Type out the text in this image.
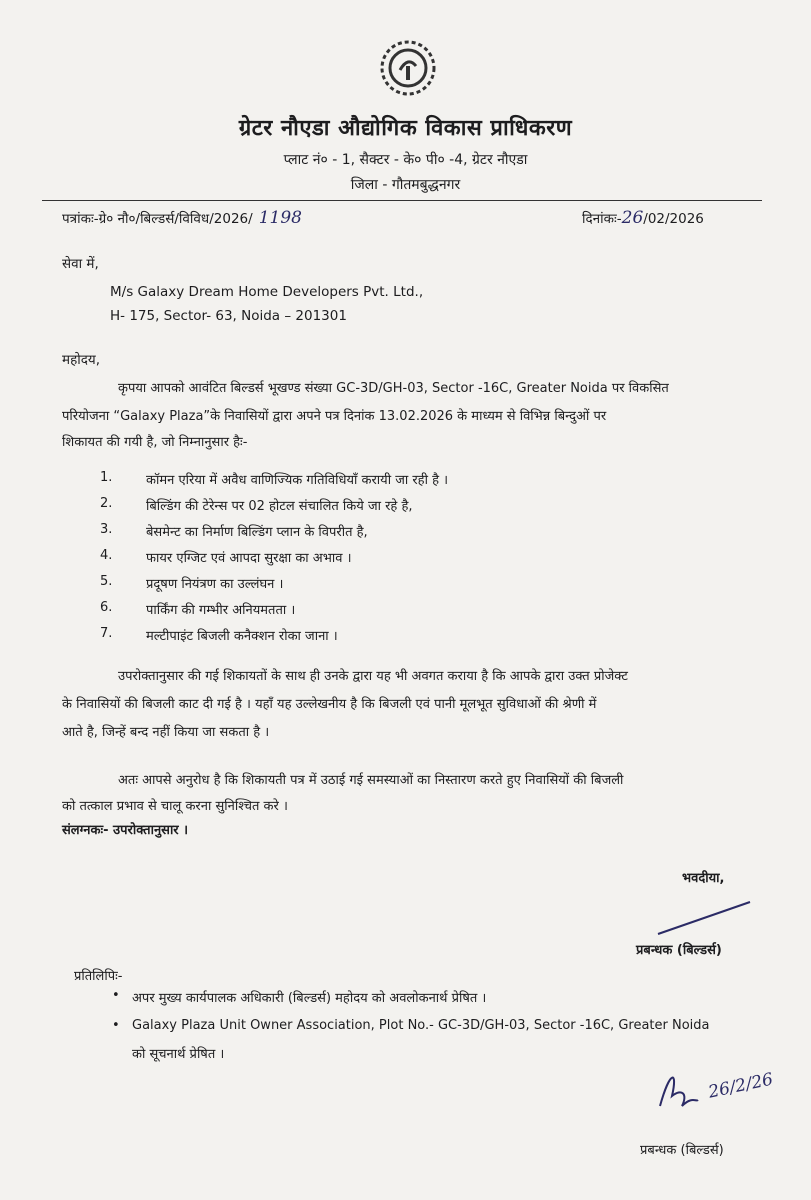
ग्रेटर नौएडा औद्योगिक विकास प्राधिकरण
प्लाट नं० - 1, सैक्टर - के० पी० -4, ग्रेटर नौएडा
जिला - गौतमबुद्धनगर
पत्रांकः-ग्रे० नौ०/बिल्डर्स/विविध/2026/ 1198	दिनांकः-26/02/2026
सेवा में,
M/s Galaxy Dream Home Developers Pvt. Ltd.,
H- 175, Sector- 63, Noida – 201301
महोदय,
कृपया आपको आवंटित बिल्डर्स भूखण्ड संख्या GC-3D/GH-03, Sector -16C, Greater Noida पर विकसित
परियोजना “Galaxy Plaza”के निवासियों द्वारा अपने पत्र दिनांक 13.02.2026 के माध्यम से विभिन्न बिन्दुओं पर
शिकायत की गयी है, जो निम्नानुसार हैः-
1.	कॉमन एरिया में अवैध वाणिज्यिक गतिविधियाँ करायी जा रही है ।
2.	बिल्डिंग की टेरेन्स पर 02 होटल संचालित किये जा रहे है,
3.	बेसमेन्ट का निर्माण बिल्डिंग प्लान के विपरीत है,
4.	फायर एग्जिट एवं आपदा सुरक्षा का अभाव ।
5.	प्रदूषण नियंत्रण का उल्लंघन ।
6.	पार्किंग की गम्भीर अनियमतता ।
7.	मल्टीपाइंट बिजली कनैक्शन रोका जाना ।
उपरोक्तानुसार की गई शिकायतों के साथ ही उनके द्वारा यह भी अवगत कराया है कि आपके द्वारा उक्त प्रोजेक्ट
के निवासियों की बिजली काट दी गई है । यहाँ यह उल्लेखनीय है कि बिजली एवं पानी मूलभूत सुविधाओं की श्रेणी में
आते है, जिन्हें बन्द नहीं किया जा सकता है ।
अतः आपसे अनुरोध है कि शिकायती पत्र में उठाई गई समस्याओं का निस्तारण करते हुए निवासियों की बिजली
को तत्काल प्रभाव से चालू करना सुनिश्चित करे ।
संलग्नकः- उपरोक्तानुसार ।
भवदीया,
प्रबन्धक (बिल्डर्स)
प्रतिलिपिः-
• अपर मुख्य कार्यपालक अधिकारी (बिल्डर्स) महोदय को अवलोकनार्थ प्रेषित ।
• Galaxy Plaza Unit Owner Association, Plot No.- GC-3D/GH-03, Sector -16C, Greater Noida
को सूचनार्थ प्रेषित ।
26/2/26
प्रबन्धक (बिल्डर्स)
